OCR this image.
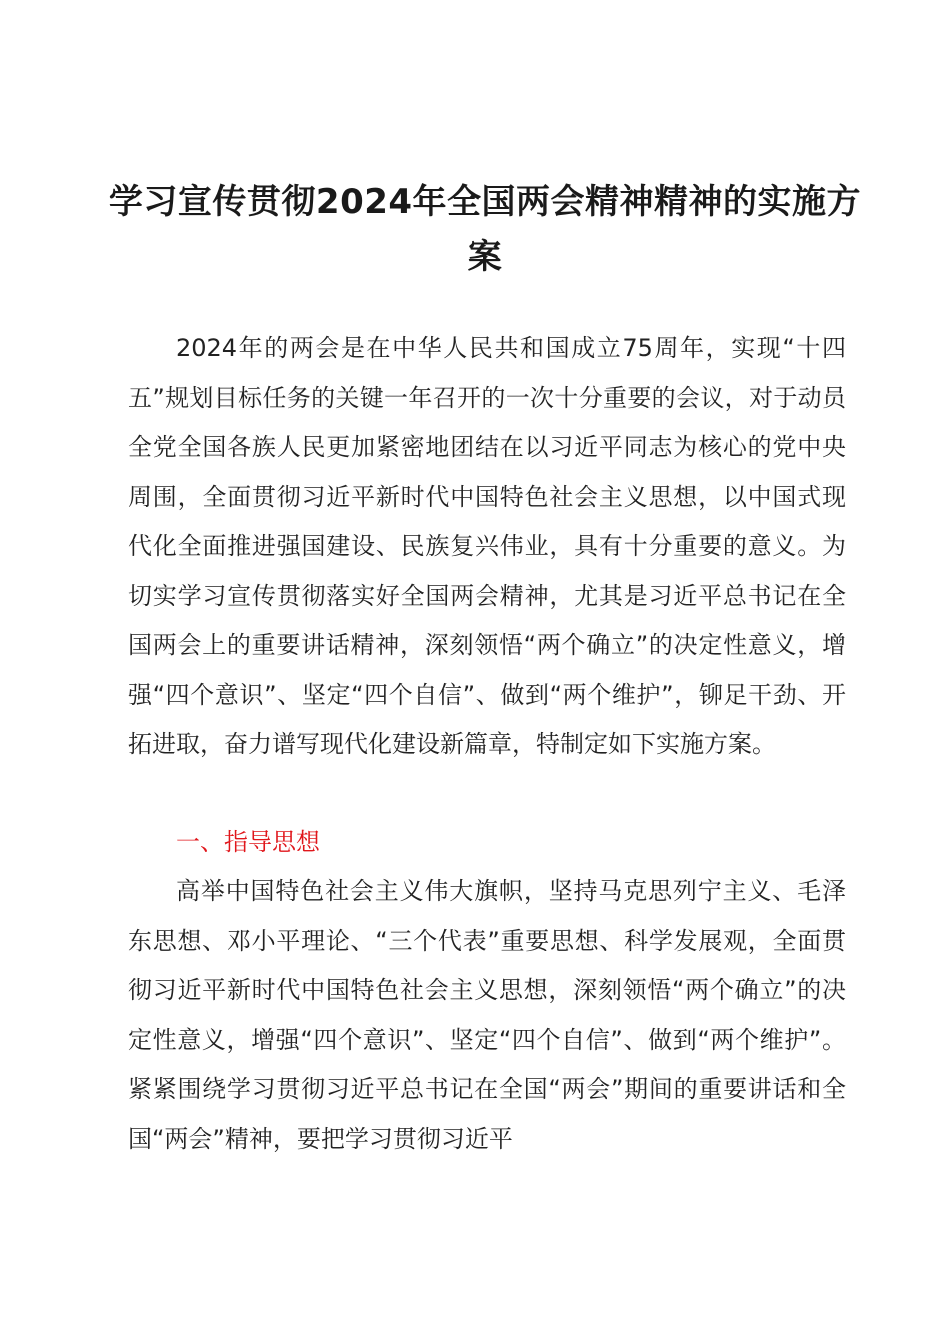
学习宣传贯彻2024年全国两会精神精神的实施方案

2024年的两会是在中华人民共和国成立75周年，实现“十四五”规划目标任务的关键一年召开的一次十分重要的会议，对于动员全党全国各族人民更加紧密地团结在以习近平同志为核心的党中央周围，全面贯彻习近平新时代中国特色社会主义思想，以中国式现代化全面推进强国建设、民族复兴伟业，具有十分重要的意义。为切实学习宣传贯彻落实好全国两会精神，尤其是习近平总书记在全国两会上的重要讲话精神，深刻领悟“两个确立”的决定性意义，增强“四个意识”、坚定“四个自信”、做到“两个维护”，铆足干劲、开拓进取，奋力谱写现代化建设新篇章，特制定如下实施方案。

一、指导思想

高举中国特色社会主义伟大旗帜，坚持马克思列宁主义、毛泽东思想、邓小平理论、“三个代表”重要思想、科学发展观，全面贯彻习近平新时代中国特色社会主义思想，深刻领悟“两个确立”的决定性意义，增强“四个意识”、坚定“四个自信”、做到“两个维护”。紧紧围绕学习贯彻习近平总书记在全国“两会”期间的重要讲话和全国“两会”精神，要把学习贯彻习近平
